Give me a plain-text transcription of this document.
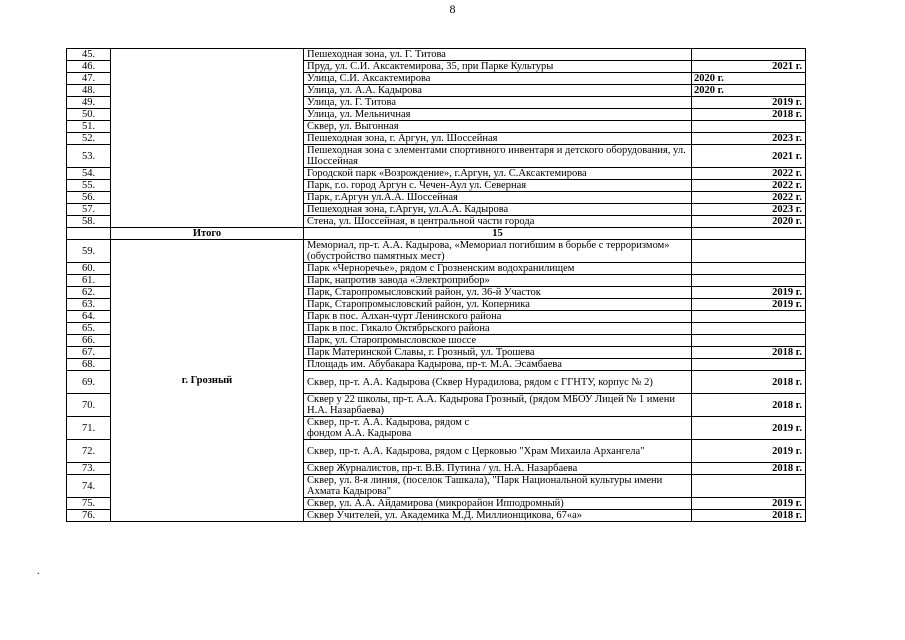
8
.
45.		Пешеходная зона, ул. Г. Титова	
46.		Пруд, ул. С.И. Аксактемирова, 35, при Парке Культуры	2021 г.
47.		Улица, С.И. Аксактемирова	2020 г.
48.		Улица, ул. А.А. Кадырова	2020 г.
49.		Улица, ул. Г. Титова	2019 г.
50.		Улица, ул. Мельничная	2018 г.
51.		Сквер, ул. Выгонная	
52.		Пешеходная зона, г. Аргун, ул. Шоссейная	2023 г.
53.		Пешеходная зона с элементами спортивного инвентаря и детского оборудования, ул. Шоссейная	2021 г.
54.		Городской парк «Возрождение», г.Аргун, ул. С.Аксактемирова	2022 г.
55.		Парк, г.о. город Аргун с. Чечен-Аул ул. Северная	2022 г.
56.		Парк, г.Аргун ул.А.А. Шоссейная	2022 г.
57.		Пешеходная зона, г.Аргун, ул.А.А. Кадырова	2023 г.
58.		Стена, ул. Шоссейная, в центральной части города	2020 г.
	Итого	15	
59.	г. Грозный	Мемориал, пр-т. А.А. Кадырова, «Мемориал погибшим в борьбе с терроризмом» (обустройство памятных мест)	
60.		Парк «Черноречье», рядом с Грозненским водохранилищем	
61.		Парк, напротив завода «Электроприбор»	
62.		Парк, Старопромысловский район, ул. 36-й Участок	2019 г.
63.		Парк, Старопромысловский район, ул. Коперника	2019 г.
64.		Парк в пос. Алхан-чурт Ленинского района	
65.		Парк в пос. Гикало Октябрьского района	
66.		Парк, ул. Старопромысловское шоссе	
67.		Парк Материнской Славы, г. Грозный, ул. Трошева	2018 г.
68.		Площадь им. Абубакара Кадырова, пр-т. М.А. Эсамбаева	
69.		Сквер, пр-т. А.А. Кадырова (Сквер Нурадилова, рядом с ГГНТУ, корпус № 2)	2018 г.
70.		Сквер у 22 школы, пр-т. А.А. Кадырова Грозный, (рядом МБОУ Лицей № 1 имени Н.А. Назарбаева)	2018 г.
71.		Сквер, пр-т. А.А. Кадырова, рядом с фондом А.А. Кадырова	2019 г.
72.		Сквер, пр-т. А.А. Кадырова, рядом с Церковью "Храм Михаила Архангела"	2019 г.
73.		Сквер Журналистов, пр-т. В.В. Путина / ул. Н.А. Назарбаева	2018 г.
74.		Сквер, ул. 8-я линия, (поселок Ташкала), "Парк Национальной культуры имени Ахмата Кадырова"	
75.		Сквер, ул. А.А. Айдамирова (микрорайон Ипподромный)	2019 г.
76.		Сквер Учителей, ул. Академика М.Д. Миллионщикова, 67«а»	2018 г.
